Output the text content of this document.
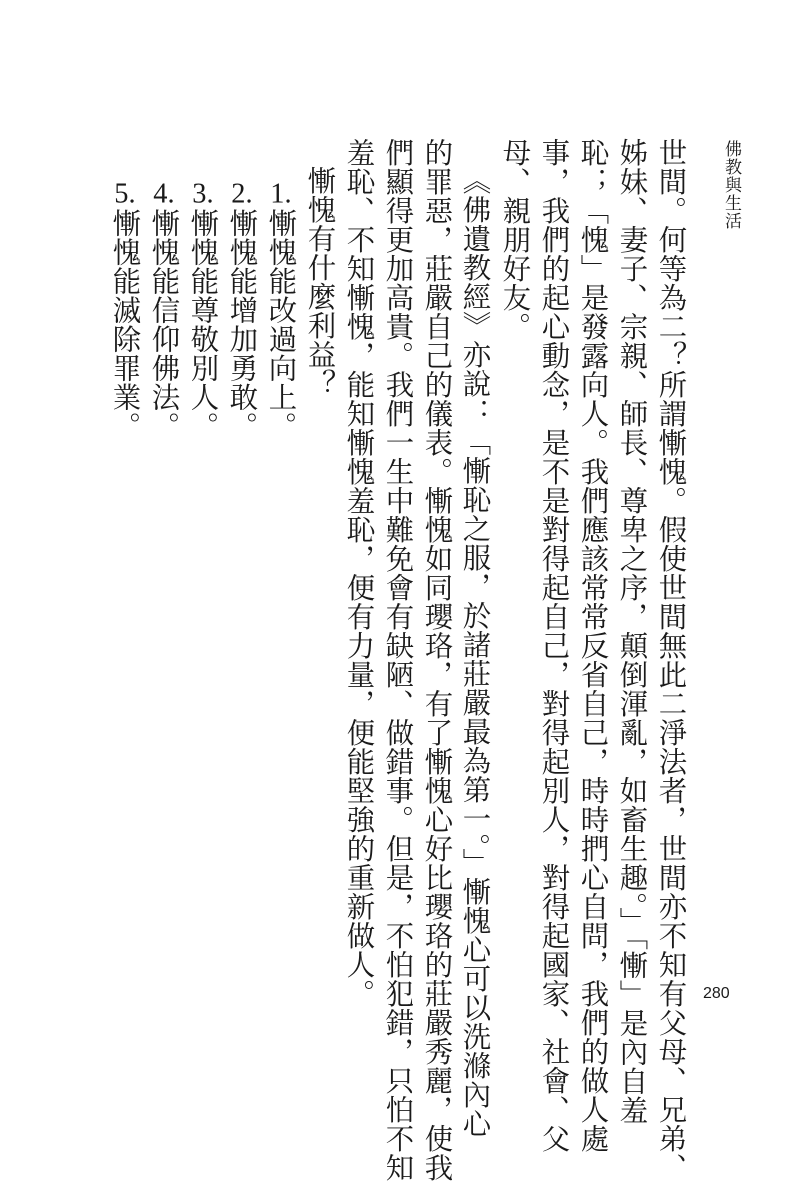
佛教與生活
280
世間。何等為二？所謂慚愧。假使世間無此二淨法者，世間亦不知有父母、兄弟、
姊妹、妻子、宗親、師長、尊卑之序，顛倒渾亂，如畜生趣。」「慚」是內自羞
恥；「愧」是發露向人。我們應該常常反省自己，時時捫心自問，我們的做人處
事，我們的起心動念，是不是對得起自己，對得起別人，對得起國家、社會、父
母、親朋好友。
《佛遺教經》亦說：「慚恥之服，於諸莊嚴最為第一。」慚愧心可以洗滌內心
的罪惡，莊嚴自己的儀表。慚愧如同瓔珞，有了慚愧心好比瓔珞的莊嚴秀麗，使我
們顯得更加高貴。我們一生中難免會有缺陋、做錯事。但是，不怕犯錯，只怕不知
羞恥、不知慚愧，能知慚愧羞恥，便有力量，便能堅強的重新做人。
慚愧有什麼利益？
1.慚愧能改過向上。
2.慚愧能增加勇敢。
3.慚愧能尊敬別人。
4.慚愧能信仰佛法。
5.慚愧能滅除罪業。
